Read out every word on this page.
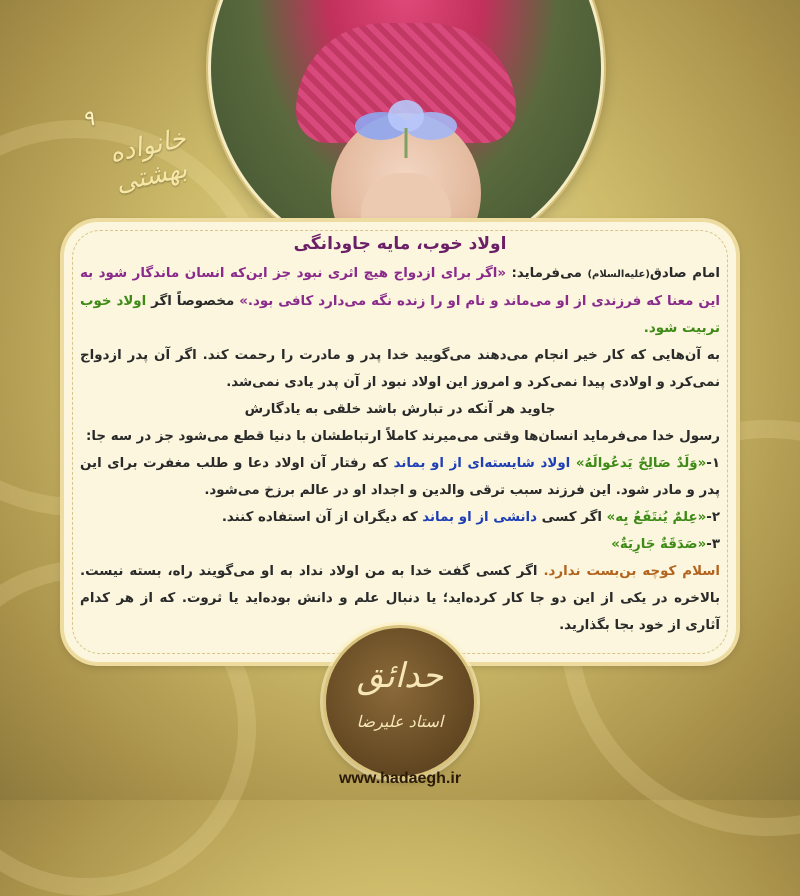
۹
خانواده بهشتی
اولاد خوب، مایه جاودانگی

امام صادق(علیه‌السلام) می‌فرماید: «اگر برای ازدواج هیچ اثری نبود جز این‌که انسان ماندگار شود به این معنا که فرزندی از او می‌ماند و نام او را زنده نگه می‌دارد کافی بود.» مخصوصاً اگر اولاد خوب تربیت شود.

به آن‌هایی که کار خیر انجام می‌دهند می‌گویید خدا پدر و مادرت را رحمت کند. اگر آن پدر ازدواج نمی‌کرد و اولادی پیدا نمی‌کرد و امروز این اولاد نبود از آن پدر یادی نمی‌شد.

جاوید هر آنکه در تبارش باشد خلقی به یادگارش

رسول خدا می‌فرماید انسان‌ها وقتی می‌میرند کاملاً ارتباطشان با دنیا قطع می‌شود جز در سه جا:

۱-«وَلَدٌ صَالِحٌ يَدعُوالَهُ» اولاد شایسته‌ای از او بماند که رفتار آن اولاد دعا و طلب مغفرت برای این پدر و مادر شود. این فرزند سبب ترقی والدین و اجداد او در عالم برزخ می‌شود.

۲-«عِلمٌ يُنتَفَعُ بِه» اگر کسی دانشی از او بماند که دیگران از آن استفاده کنند.

۳-«صَدَقَةٌ جَارِيَةٌ»

اسلام کوچه بن‌بست ندارد. اگر کسی گفت خدا به من اولاد نداد به او می‌گویند راه، بسته نیست. بالاخره در یکی از این دو جا کار کرده‌اید؛ یا دنبال علم و دانش بوده‌اید یا ثروت. که از هر کدام آثاری از خود بجا بگذارید.

حدائق
استاد علیرضا
www.hadaegh.ir
